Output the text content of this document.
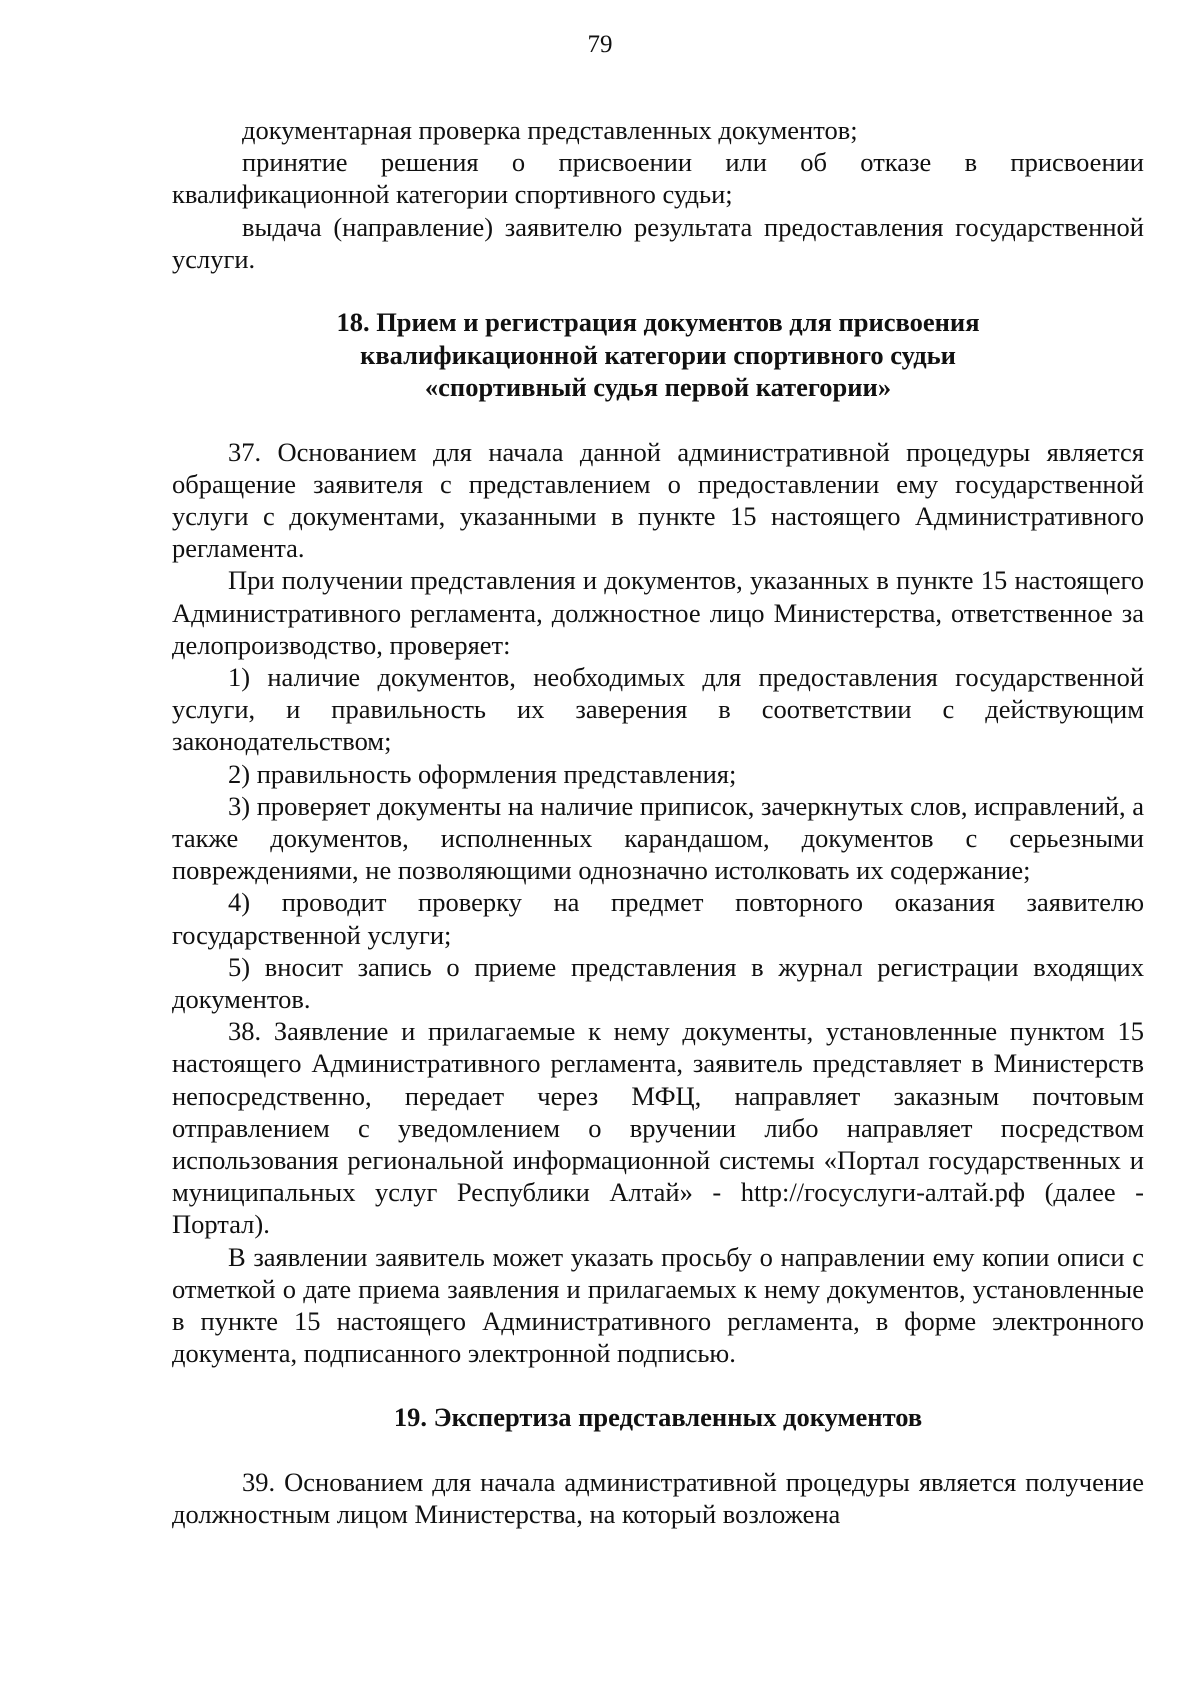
79

документарная проверка представленных документов;

принятие решения о присвоении или об отказе в присвоении квалификационной категории спортивного судьи;

выдача (направление) заявителю результата предоставления государственной услуги.

18. Прием и регистрация документов для присвоения
квалификационной категории спортивного судьи
«спортивный судья первой категории»

37. Основанием для начала данной административной процедуры является обращение заявителя с представлением о предоставлении ему государственной услуги с документами, указанными в пункте 15 настоящего Административного регламента.

При получении представления и документов, указанных в пункте 15 настоящего Административного регламента, должностное лицо Министерства, ответственное за делопроизводство, проверяет:

1) наличие документов, необходимых для предоставления государственной услуги, и правильность их заверения в соответствии с действующим законодательством;

2) правильность оформления представления;

3) проверяет документы на наличие приписок, зачеркнутых слов, исправлений, а также документов, исполненных карандашом, документов с серьезными повреждениями, не позволяющими однозначно истолковать их содержание;

4) проводит проверку на предмет повторного оказания заявителю государственной услуги;

5) вносит запись о приеме представления в журнал регистрации входящих документов.

38. Заявление и прилагаемые к нему документы, установленные пунктом 15 настоящего Административного регламента, заявитель представляет в Министерств непосредственно, передает через МФЦ, направляет заказным почтовым отправлением с уведомлением о вручении либо направляет посредством использования региональной информационной системы «Портал государственных и муниципальных услуг Республики Алтай» - http://госуслуги-алтай.рф (далее - Портал).

В заявлении заявитель может указать просьбу о направлении ему копии описи с отметкой о дате приема заявления и прилагаемых к нему документов, установленные в пункте 15 настоящего Административного регламента, в форме электронного документа, подписанного электронной подписью.

19. Экспертиза представленных документов

39. Основанием для начала административной процедуры является получение должностным лицом Министерства, на который возложена
